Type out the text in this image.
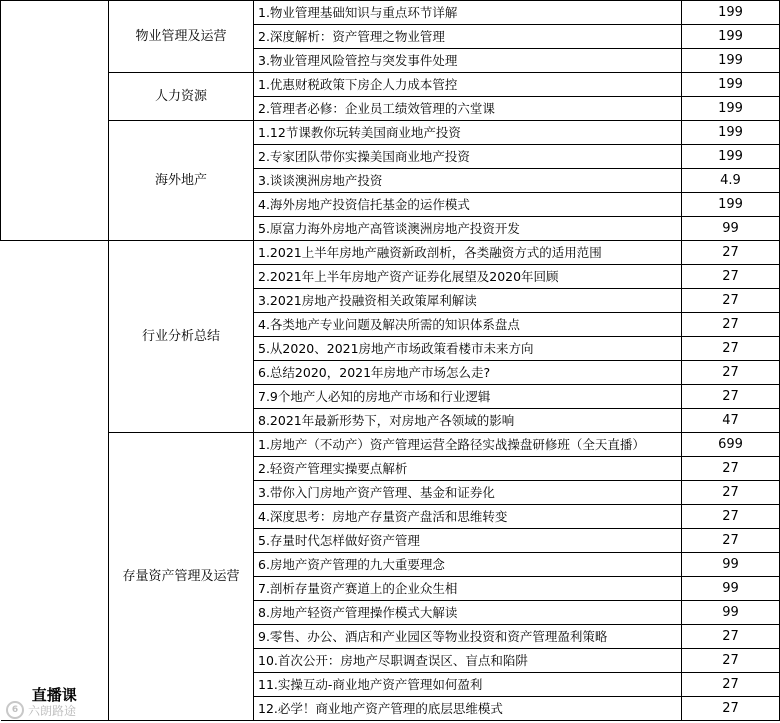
	物业管理及运营	1.物业管理基础知识与重点环节详解	199
		2.深度解析：资产管理之物业管理	199
		3.物业管理风险管控与突发事件处理	199
	人力资源	1.优惠财税政策下房企人力成本管控	199
		2.管理者必修：企业员工绩效管理的六堂课	199
	海外地产	1.12节课教你玩转美国商业地产投资	199
		2.专家团队带你实操美国商业地产投资	199
		3.谈谈澳洲房地产投资	4.9
		4.海外房地产投资信托基金的运作模式	199
		5.原富力海外房地产高管谈澳洲房地产投资开发	99

直播课	行业分析总结	1.2021上半年房地产融资新政剖析，各类融资方式的适用范围	27
		2.2021年上半年房地产资产证券化展望及2020年回顾	27
		3.2021房地产投融资相关政策犀利解读	27
		4.各类地产专业问题及解决所需的知识体系盘点	27
		5.从2020、2021房地产市场政策看楼市未来方向	27
		6.总结2020，2021年房地产市场怎么走?	27
		7.9个地产人必知的房地产市场和行业逻辑	27
		8.2021年最新形势下，对房地产各领域的影响	47
	存量资产管理及运营	1.房地产（不动产）资产管理运营全路径实战操盘研修班（全天直播）	699
		2.轻资产管理实操要点解析	27
		3.带你入门房地产资产管理、基金和证券化	27
		4.深度思考：房地产存量资产盘活和思维转变	27
		5.存量时代怎样做好资产管理	27
		6.房地产资产管理的九大重要理念	99
		7.剖析存量资产赛道上的企业众生相	99
		8.房地产轻资产管理操作模式大解读	99
		9.零售、办公、酒店和产业园区等物业投资和资产管理盈利策略	27
		10.首次公开：房地产尽职调查误区、盲点和陷阱	27
		11.实操互动-商业地产资产管理如何盈利	27
		12.必学！商业地产资产管理的底层思维模式	27
6 六朗路途
